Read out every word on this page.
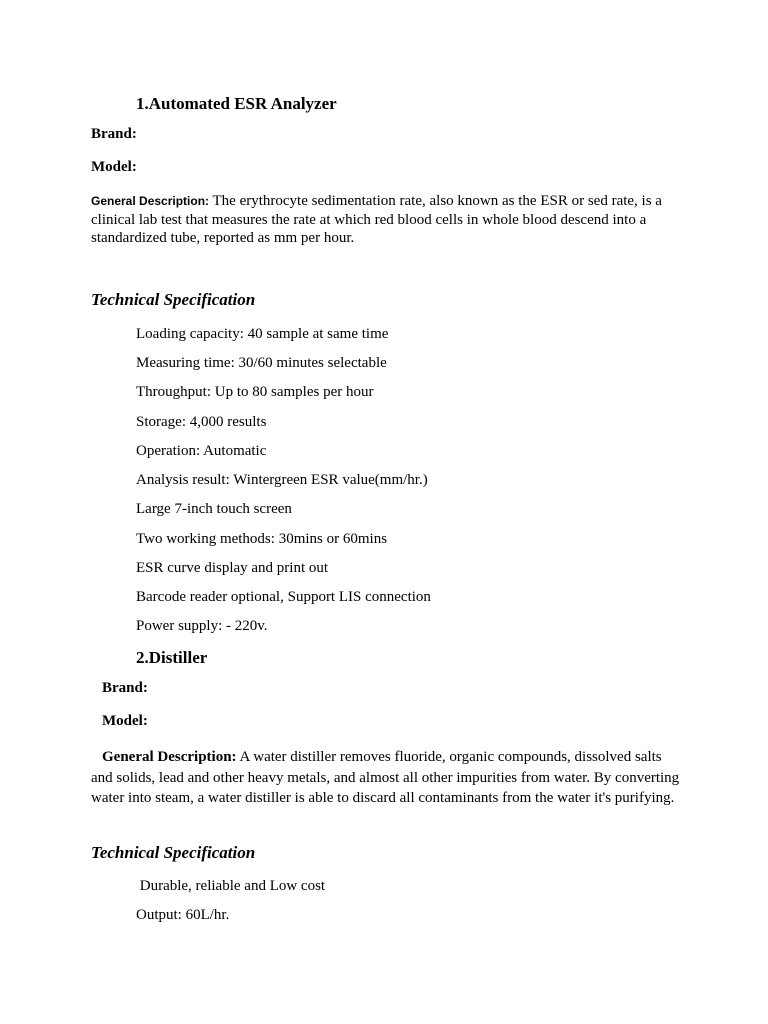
1.Automated ESR Analyzer
Brand:
Model:
General Description: The erythrocyte sedimentation rate, also known as the ESR or sed rate, is a clinical lab test that measures the rate at which red blood cells in whole blood descend into a standardized tube, reported as mm per hour.
Technical Specification
Loading capacity: 40 sample at same time
Measuring time: 30/60 minutes selectable
Throughput: Up to 80 samples per hour
Storage: 4,000 results
Operation: Automatic
Analysis result: Wintergreen ESR value(mm/hr.)
Large 7-inch touch screen
Two working methods: 30mins or 60mins
ESR curve display and print out
Barcode reader optional, Support LIS connection
Power supply: - 220v.
2.Distiller
Brand:
Model:
General Description: A water distiller removes fluoride, organic compounds, dissolved salts and solids, lead and other heavy metals, and almost all other impurities from water. By converting water into steam, a water distiller is able to discard all contaminants from the water it's purifying.
Technical Specification
Durable, reliable and Low cost
Output: 60L/hr.
